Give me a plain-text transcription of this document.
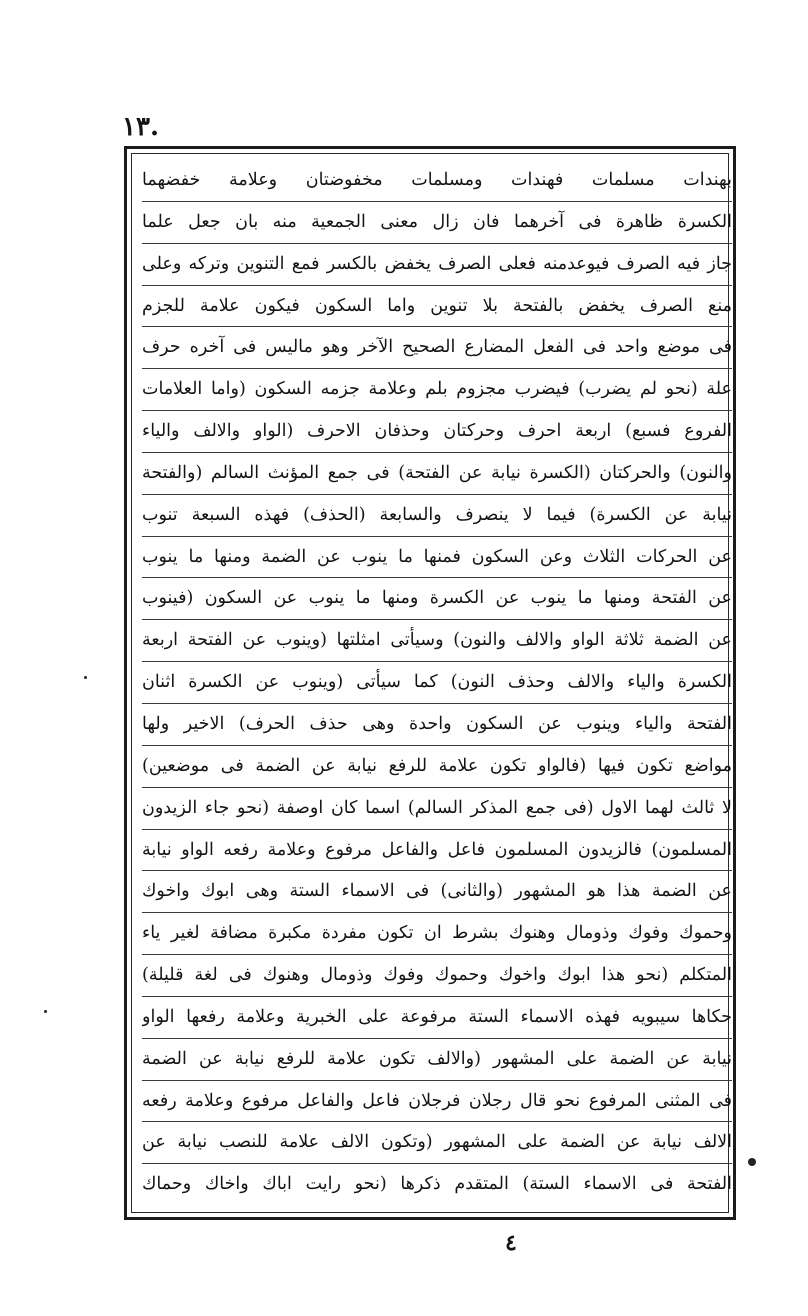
١٣.
بهندات مسلمات فهندات ومسلمات مخفوضتان وعلامة خفضهما
الكسرة ظاهرة فى آخرهما فان زال معنى الجمعية منه بان جعل علما
جاز فيه الصرف فيوعدمنه فعلى الصرف يخفض بالكسر فمع التنوين وتركه وعلى
منع الصرف يخفض بالفتحة بلا تنوين واما السكون فيكون علامة للجزم
فى موضع واحد فى الفعل المضارع الصحيح الآخر وهو ماليس فى آخره حرف
علة (نحو لم يضرب) فيضرب مجزوم بلم وعلامة جزمه السكون (واما العلامات
الفروع فسبع) اربعة احرف وحركتان وحذفان الاحرف (الواو والالف والياء
والنون) والحركتان (الكسرة نيابة عن الفتحة) فى جمع المؤنث السالم (والفتحة
نيابة عن الكسرة) فيما لا ينصرف والسابعة (الحذف) فهذه السبعة تنوب
عن الحركات الثلاث وعن السكون فمنها ما ينوب عن الضمة ومنها ما ينوب
عن الفتحة ومنها ما ينوب عن الكسرة ومنها ما ينوب عن السكون (فينوب
عن الضمة ثلاثة الواو والالف والنون) وسيأتى امثلتها (وينوب عن الفتحة اربعة
الكسرة والياء والالف وحذف النون) كما سيأتى (وينوب عن الكسرة اثنان
الفتحة والياء وينوب عن السكون واحدة وهى حذف الحرف) الاخير ولها
مواضع تكون فيها (فالواو تكون علامة للرفع نيابة عن الضمة فى موضعين)
لا ثالث لهما الاول (فى جمع المذكر السالم) اسما كان اوصفة (نحو جاء الزيدون
المسلمون) فالزيدون المسلمون فاعل والفاعل مرفوع وعلامة رفعه الواو نيابة
عن الضمة هذا هو المشهور (والثانى) فى الاسماء الستة وهى ابوك واخوك
وحموك وفوك وذومال وهنوك بشرط ان تكون مفردة مكبرة مضافة لغير ياء
المتكلم (نحو هذا ابوك واخوك وحموك وفوك وذومال وهنوك فى لغة قليلة)
حكاها سيبويه فهذه الاسماء الستة مرفوعة على الخبرية وعلامة رفعها الواو
نيابة عن الضمة على المشهور (والالف تكون علامة للرفع نيابة عن الضمة
فى المثنى المرفوع نحو قال رجلان فرجلان فاعل والفاعل مرفوع وعلامة رفعه
الالف نيابة عن الضمة على المشهور (وتكون الالف علامة للنصب نيابة عن
الفتحة فى الاسماء الستة) المتقدم ذكرها (نحو رايت اباك واخاك وحماك
٤
